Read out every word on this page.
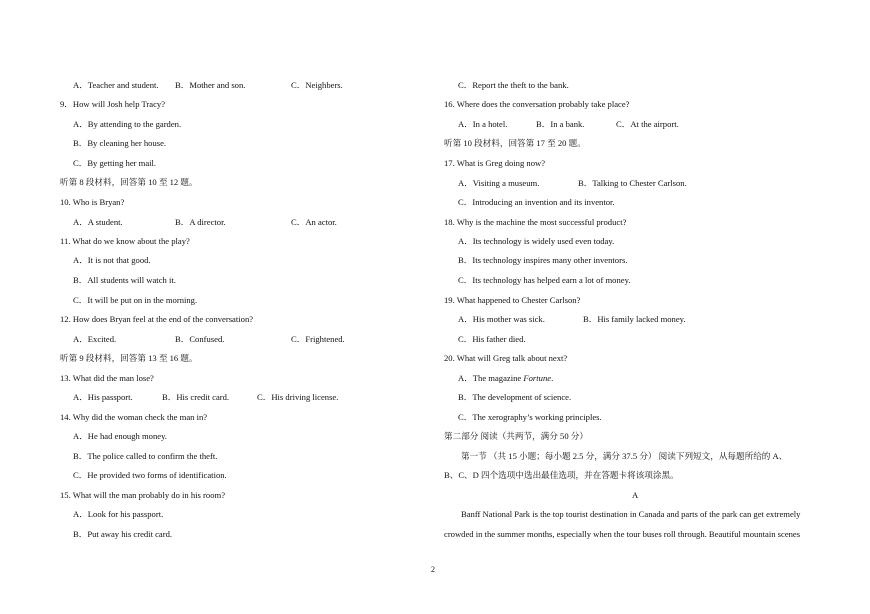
A．Teacher and student. B．Mother and son.	C．Neighbers.
9．How will Josh help Tracy?
A．By attending to the garden.
B．By cleaning her house.
C．By getting her mail.
听第 8 段材料，回答第 10 至 12 题。
10. Who is Bryan?
A．A student.	B．A director.	C．An actor.
11. What do we know about the play?
A．It is not that good.
B．All students will watch it.
C．It will be put on in the morning.
12. How does Bryan feel at the end of the conversation?
A．Excited.	B．Confused.	C．Frightened.
听第 9 段材料，回答第 13 至 16 题。
13. What did the man lose?
A．His passport.	B．His credit card.	C．His driving license.
14. Why did the woman check the man in?
A．He had enough money.
B．The police called to confirm the theft.
C．He provided two forms of identification.
15. What will the man probably do in his room?
A．Look for his passport.
B．Put away his credit card.
C．Report the theft to the bank.
16. Where does the conversation probably take place?
A．In a hotel.	B．In a bank.	C．At the airport.
听第 10 段材料，回答第 17 至 20 题。
17. What is Greg doing now?
A．Visiting a museum.	B．Talking to Chester Carlson.
C．Introducing an invention and its inventor.
18. Why is the machine the most successful product?
A．Its technology is widely used even today.
B．Its technology inspires many other inventors.
C．Its technology has helped earn a lot of money.
19. What happened to Chester Carlson?
A．His mother was sick.	B．His family lacked money.
C．His father died.
20. What will Greg talk about next?
A．The magazine Fortune.
B．The development of science.
C．The xerography’s working principles.
第二部分 阅读（共两节，满分 50 分）
第一节 （共 15 小题；每小题 2.5 分，满分 37.5 分） 阅读下列短文，从每题所给的 A、
B、C、D 四个选项中选出最佳选项，并在答题卡将该项涂黑。
A
Banff National Park is the top tourist destination in Canada and parts of the park can get extremely
crowded in the summer months, especially when the tour buses roll through. Beautiful mountain scenes
2
